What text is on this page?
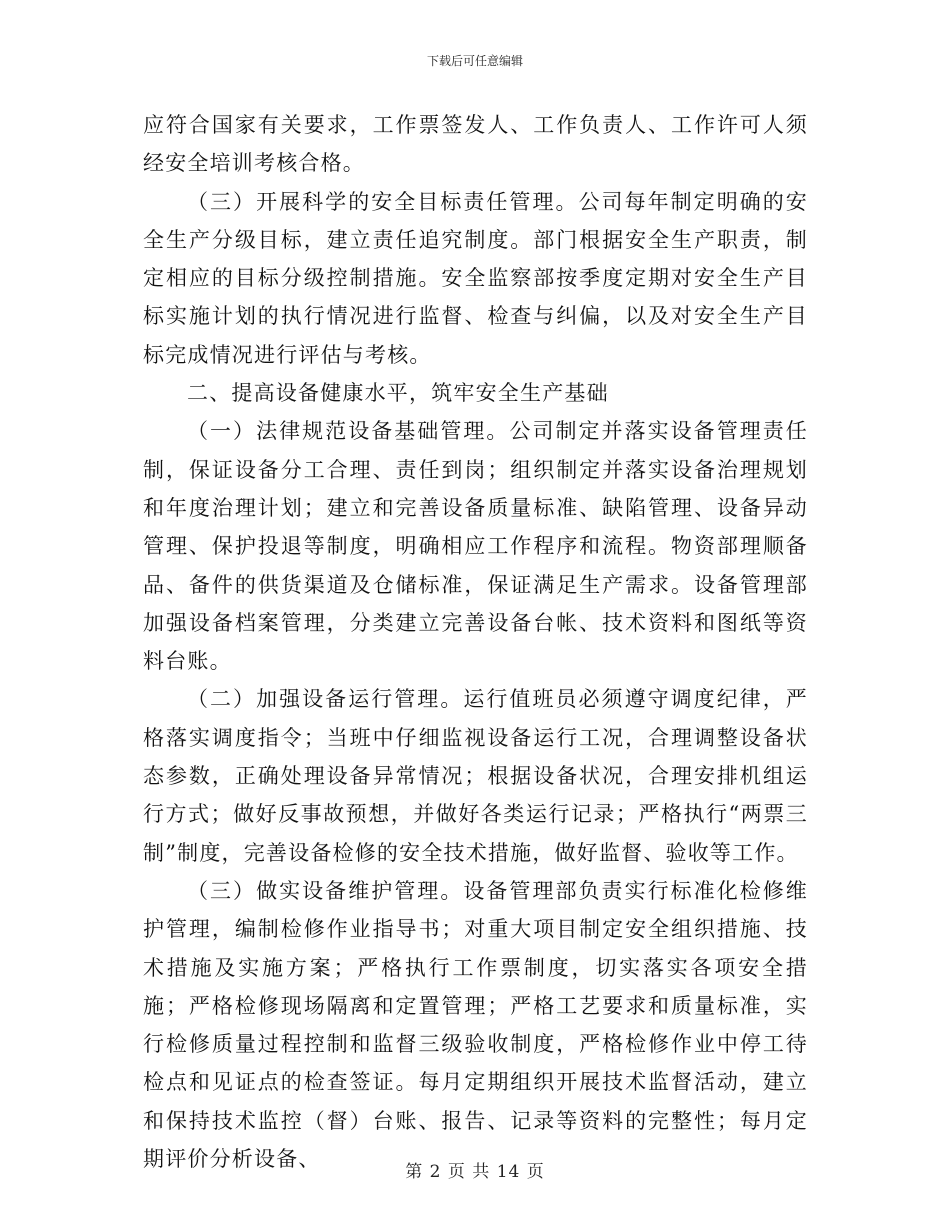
下载后可任意编辑

应符合国家有关要求，工作票签发人、工作负责人、工作许可人须经安全培训考核合格。

（三）开展科学的安全目标责任管理。公司每年制定明确的安全生产分级目标，建立责任追究制度。部门根据安全生产职责，制定相应的目标分级控制措施。安全监察部按季度定期对安全生产目标实施计划的执行情况进行监督、检查与纠偏，以及对安全生产目标完成情况进行评估与考核。

二、提高设备健康水平，筑牢安全生产基础

（一）法律规范设备基础管理。公司制定并落实设备管理责任制，保证设备分工合理、责任到岗；组织制定并落实设备治理规划和年度治理计划；建立和完善设备质量标准、缺陷管理、设备异动管理、保护投退等制度，明确相应工作程序和流程。物资部理顺备品、备件的供货渠道及仓储标准，保证满足生产需求。设备管理部加强设备档案管理，分类建立完善设备台帐、技术资料和图纸等资料台账。

（二）加强设备运行管理。运行值班员必须遵守调度纪律，严格落实调度指令；当班中仔细监视设备运行工况，合理调整设备状态参数，正确处理设备异常情况；根据设备状况，合理安排机组运行方式；做好反事故预想，并做好各类运行记录；严格执行“两票三制”制度，完善设备检修的安全技术措施，做好监督、验收等工作。

（三）做实设备维护管理。设备管理部负责实行标准化检修维护管理，编制检修作业指导书；对重大项目制定安全组织措施、技术措施及实施方案；严格执行工作票制度，切实落实各项安全措施；严格检修现场隔离和定置管理；严格工艺要求和质量标准，实行检修质量过程控制和监督三级验收制度，严格检修作业中停工待检点和见证点的检查签证。每月定期组织开展技术监督活动，建立和保持技术监控（督）台账、报告、记录等资料的完整性；每月定期评价分析设备、

第 2 页 共 14 页
